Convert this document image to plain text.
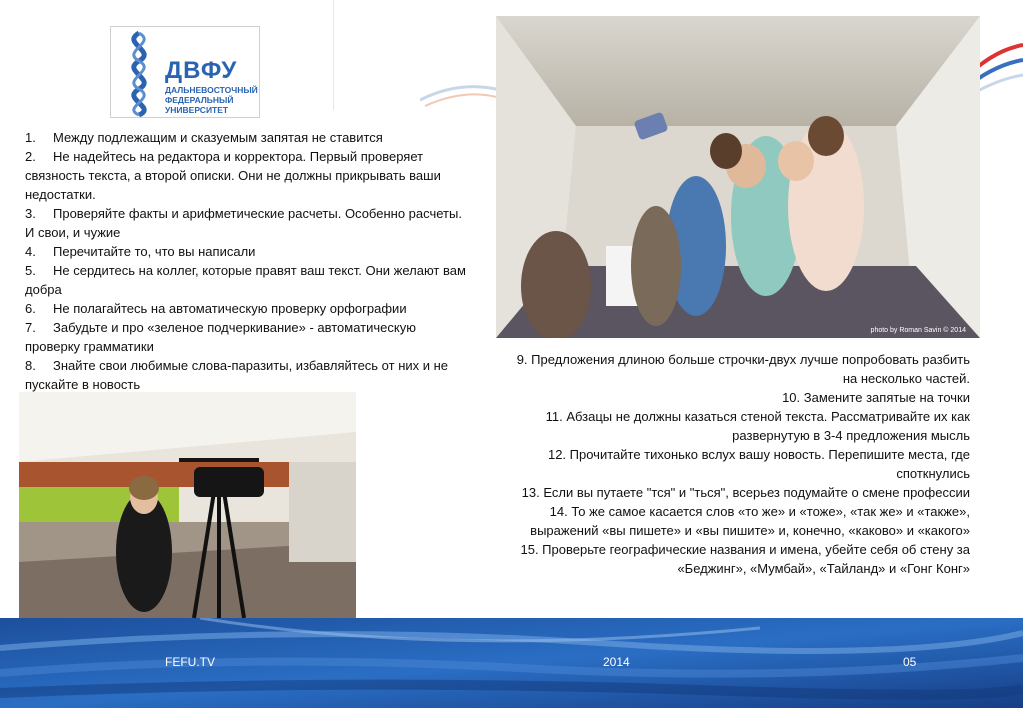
ДВФУ
ДАЛЬНЕВОСТОЧНЫЙ
ФЕДЕРАЛЬНЫЙ
УНИВЕРСИТЕТ

1. Между подлежащим и сказуемым запятая не ставится

2. Не надейтесь на редактора и корректора. Первый проверяет связность текста, а второй описки. Они не должны прикрывать ваши недостатки.

3. Проверяйте факты и арифметические расчеты. Особенно расчеты. И свои, и чужие

4. Перечитайте то, что вы написали

5. Не сердитесь на коллег, которые правят ваш текст. Они желают вам добра

6. Не полагайтесь на автоматическую проверку орфографии

7. Забудьте и про «зеленое подчеркивание» - автоматическую проверку грамматики

8. Знайте свои любимые слова-паразиты, избавляйтесь от них и не пускайте в новость

photo by Roman Savin © 2014

9. Предложения длиною больше строчки-двух лучше попробовать разбить на несколько частей.

10. Замените запятые на точки

11. Абзацы не должны казаться стеной текста. Рассматривайте их как развернутую в 3-4 предложения мысль

12. Прочитайте тихонько вслух вашу новость. Перепишите места, где споткнулись

13. Если вы путаете "тся" и "ться", всерьез подумайте о смене профессии

14. То же самое касается слов «то же» и «тоже», «так же» и «также», выражений «вы пишете» и «вы пишите» и, конечно, «каково» и «какого»

15. Проверьте географические названия и имена, убейте себя об стену за «Беджинг», «Мумбай», «Тайланд» и «Гонг Конг»

FEFU.TV	2014	05
